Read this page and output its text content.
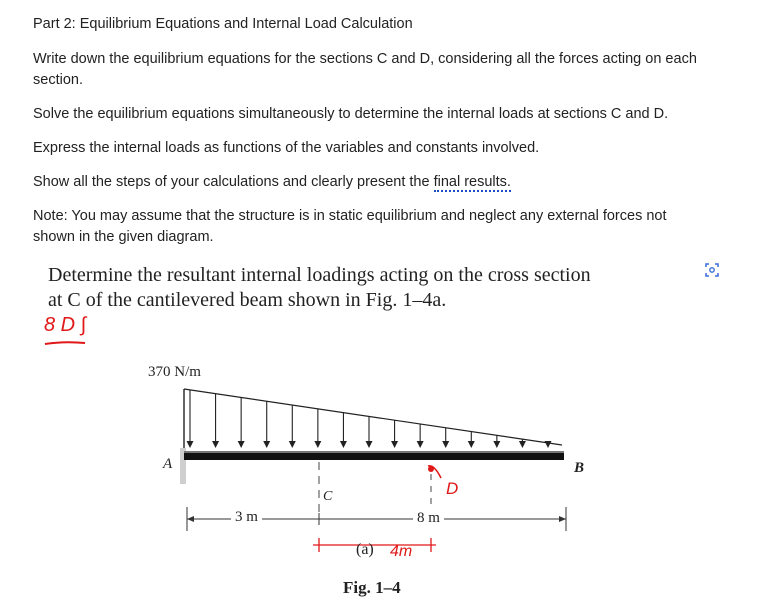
Part 2: Equilibrium Equations and Internal Load Calculation

Write down the equilibrium equations for the sections C and D, considering all the forces acting on each

section.

Solve the equilibrium equations simultaneously to determine the internal loads at sections C and D.

Express the internal loads as functions of the variables and constants involved.

Show all the steps of your calculations and clearly present the final results.

Note: You may assume that the structure is in static equilibrium and neglect any external forces not

shown in the given diagram.

Determine the resultant internal loadings acting on the cross section

at C of the cantilevered beam shown in Fig. 1–4a.

8 D ∫
370 N/m
A	B
C	D
3 m	8 m
(a) 4m
Fig. 1–4
